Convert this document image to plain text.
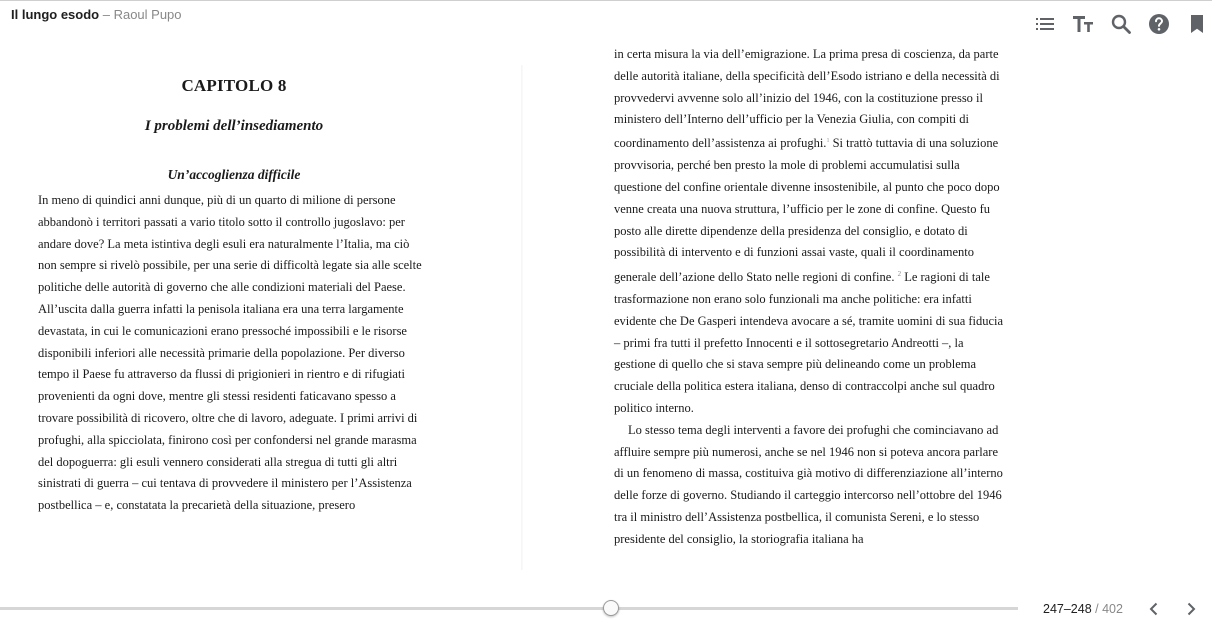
Il lungo esodo – Raoul Pupo
CAPITOLO 8
I problemi dell’insediamento
Un’accoglienza difficile

In meno di quindici anni dunque, più di un quarto di milione di persone abbandonò i territori passati a vario titolo sotto il controllo jugoslavo: per andare dove? La meta istintiva degli esuli era naturalmente l’Italia, ma ciò non sempre si rivelò possibile, per una serie di difficoltà legate sia alle scelte politiche delle autorità di governo che alle condizioni materiali del Paese. All’uscita dalla guerra infatti la penisola italiana era una terra largamente devastata, in cui le comunicazioni erano pressoché impossibili e le risorse disponibili inferiori alle necessità primarie della popolazione. Per diverso tempo il Paese fu attraverso da flussi di prigionieri in rientro e di rifugiati provenienti da ogni dove, mentre gli stessi residenti faticavano spesso a trovare possibilità di ricovero, oltre che di lavoro, adeguate. I primi arrivi di profughi, alla spicciolata, finirono così per confondersi nel grande marasma del dopoguerra: gli esuli vennero considerati alla stregua di tutti gli altri sinistrati di guerra – cui tentava di provvedere il ministero per l’Assistenza postbellica – e, constatata la precarietà della situazione, presero

in certa misura la via dell’emigrazione. La prima presa di coscienza, da parte delle autorità italiane, della specificità dell’Esodo istriano e della necessità di provvedervi avvenne solo all’inizio del 1946, con la costituzione presso il ministero dell’Interno dell’ufficio per la Venezia Giulia, con compiti di coordinamento dell’assistenza ai profughi.$^1$ Si trattò tuttavia di una soluzione provvisoria, perché ben presto la mole di problemi accumulatisi sulla questione del confine orientale divenne insostenibile, al punto che poco dopo venne creata una nuova struttura, l’ufficio per le zone di confine. Questo fu posto alle dirette dipendenze della presidenza del consiglio, e dotato di possibilità di intervento e di funzioni assai vaste, quali il coordinamento generale dell’azione dello Stato nelle regioni di confine. $^2$ Le ragioni di tale trasformazione non erano solo funzionali ma anche politiche: era infatti evidente che De Gasperi intendeva avocare a sé, tramite uomini di sua fiducia – primi fra tutti il prefetto Innocenti e il sottosegretario Andreotti –, la gestione di quello che si stava sempre più delineando come un problema cruciale della politica estera italiana, denso di contraccolpi anche sul quadro politico interno.

Lo stesso tema degli interventi a favore dei profughi che cominciavano ad affluire sempre più numerosi, anche se nel 1946 non si poteva ancora parlare di un fenomeno di massa, costituiva già motivo di differenziazione all’interno delle forze di governo. Studiando il carteggio intercorso nell’ottobre del 1946 tra il ministro dell’Assistenza postbellica, il comunista Sereni, e lo stesso presidente del consiglio, la storiografia italiana ha

247–248 / 402
